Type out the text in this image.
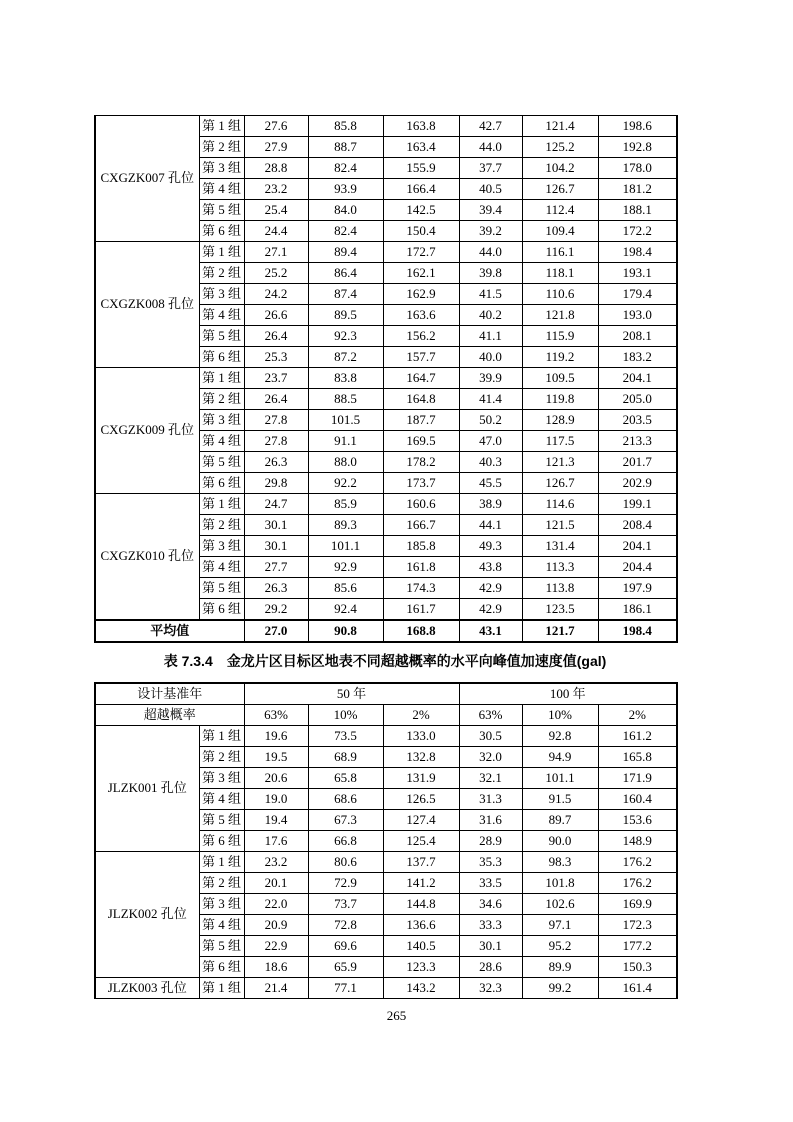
CXGZK007 孔位	第 1 组	27.6	85.8	163.8	42.7	121.4	198.6
	第 2 组	27.9	88.7	163.4	44.0	125.2	192.8
	第 3 组	28.8	82.4	155.9	37.7	104.2	178.0
	第 4 组	23.2	93.9	166.4	40.5	126.7	181.2
	第 5 组	25.4	84.0	142.5	39.4	112.4	188.1
	第 6 组	24.4	82.4	150.4	39.2	109.4	172.2
CXGZK008 孔位	第 1 组	27.1	89.4	172.7	44.0	116.1	198.4
	第 2 组	25.2	86.4	162.1	39.8	118.1	193.1
	第 3 组	24.2	87.4	162.9	41.5	110.6	179.4
	第 4 组	26.6	89.5	163.6	40.2	121.8	193.0
	第 5 组	26.4	92.3	156.2	41.1	115.9	208.1
	第 6 组	25.3	87.2	157.7	40.0	119.2	183.2
CXGZK009 孔位	第 1 组	23.7	83.8	164.7	39.9	109.5	204.1
	第 2 组	26.4	88.5	164.8	41.4	119.8	205.0
	第 3 组	27.8	101.5	187.7	50.2	128.9	203.5
	第 4 组	27.8	91.1	169.5	47.0	117.5	213.3
	第 5 组	26.3	88.0	178.2	40.3	121.3	201.7
	第 6 组	29.8	92.2	173.7	45.5	126.7	202.9
CXGZK010 孔位	第 1 组	24.7	85.9	160.6	38.9	114.6	199.1
	第 2 组	30.1	89.3	166.7	44.1	121.5	208.4
	第 3 组	30.1	101.1	185.8	49.3	131.4	204.1
	第 4 组	27.7	92.9	161.8	43.8	113.3	204.4
	第 5 组	26.3	85.6	174.3	42.9	113.8	197.9
	第 6 组	29.2	92.4	161.7	42.9	123.5	186.1
平均值		27.0	90.8	168.8	43.1	121.7	198.4
表 7.3.4 金龙片区目标区地表不同超越概率的水平向峰值加速度值(gal)
设计基准年		50 年			100 年		
超越概率		63%	10%	2%	63%	10%	2%
JLZK001 孔位	第 1 组	19.6	73.5	133.0	30.5	92.8	161.2
	第 2 组	19.5	68.9	132.8	32.0	94.9	165.8
	第 3 组	20.6	65.8	131.9	32.1	101.1	171.9
	第 4 组	19.0	68.6	126.5	31.3	91.5	160.4
	第 5 组	19.4	67.3	127.4	31.6	89.7	153.6
	第 6 组	17.6	66.8	125.4	28.9	90.0	148.9
JLZK002 孔位	第 1 组	23.2	80.6	137.7	35.3	98.3	176.2
	第 2 组	20.1	72.9	141.2	33.5	101.8	176.2
	第 3 组	22.0	73.7	144.8	34.6	102.6	169.9
	第 4 组	20.9	72.8	136.6	33.3	97.1	172.3
	第 5 组	22.9	69.6	140.5	30.1	95.2	177.2
	第 6 组	18.6	65.9	123.3	28.6	89.9	150.3
JLZK003 孔位	第 1 组	21.4	77.1	143.2	32.3	99.2	161.4
265
